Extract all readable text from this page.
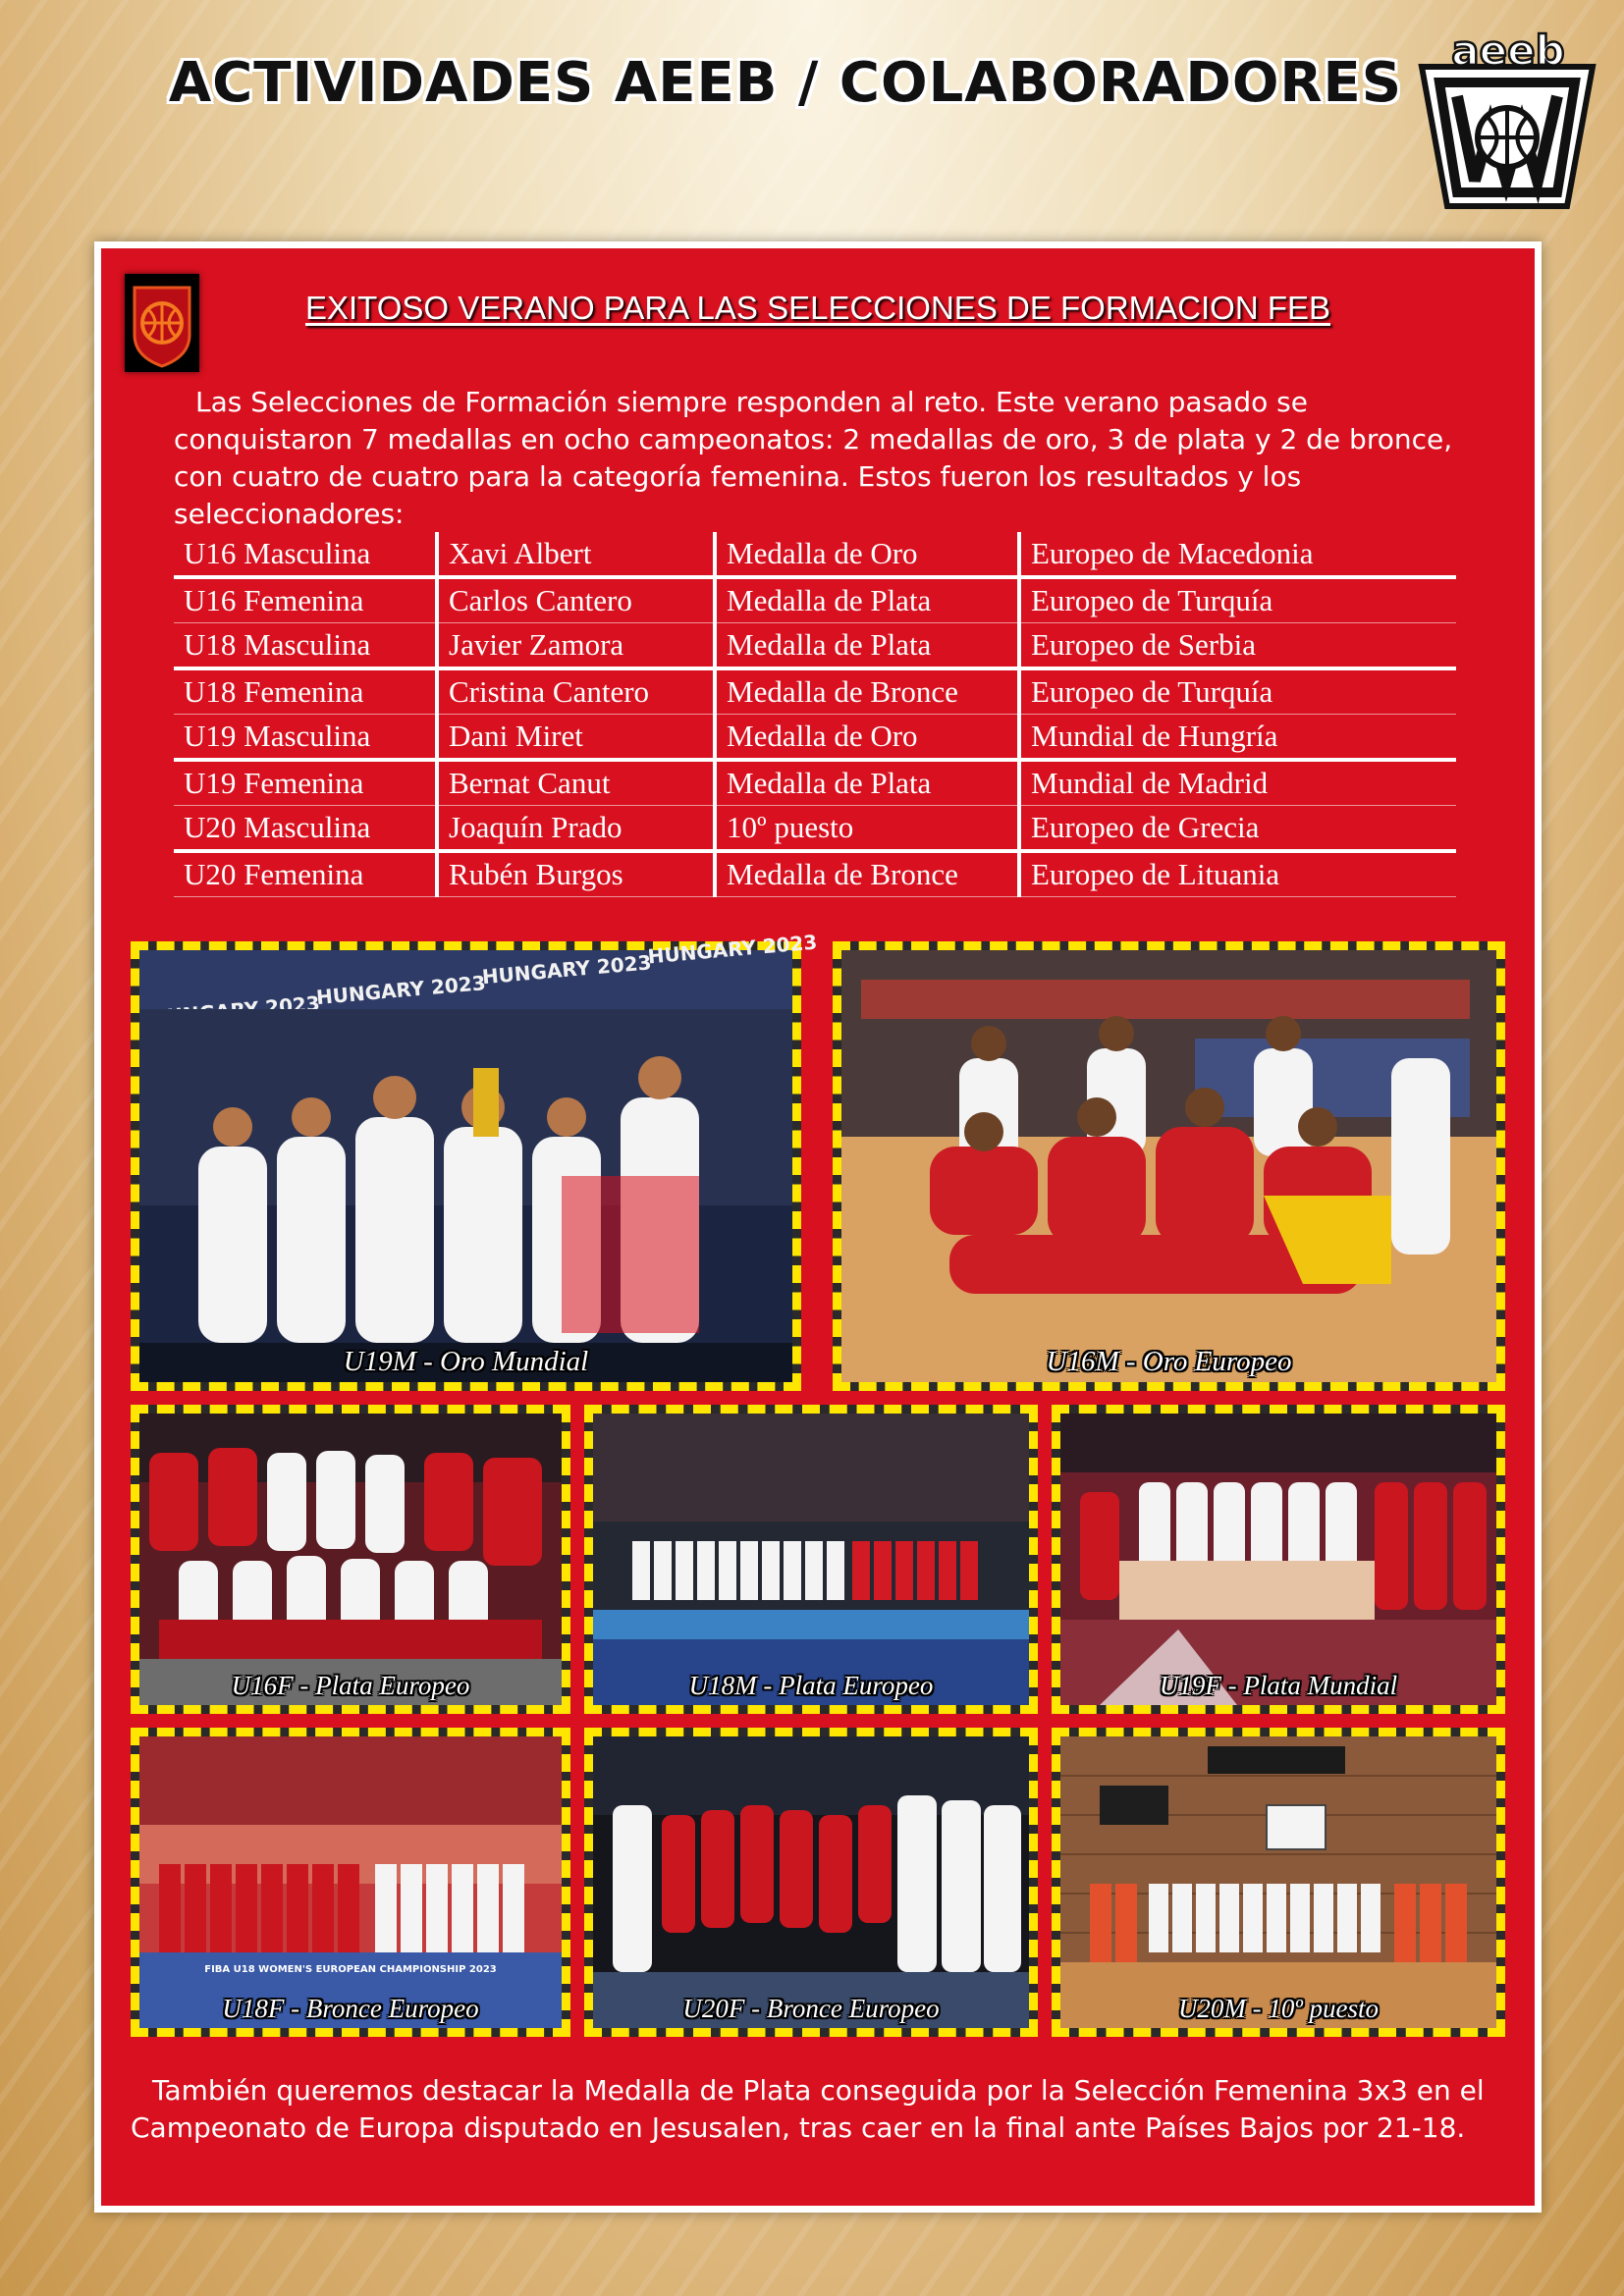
ACTIVIDADES AEEB / COLABORADORES
aeeb
EXITOSO VERANO PARA LAS SELECCIONES DE FORMACION FEB

Las Selecciones de Formación siempre responden al reto. Este verano pasado se conquistaron 7 medallas en ocho campeonatos: 2 medallas de oro, 3 de plata y 2 de bronce, con cuatro de cuatro para la categoría femenina. Estos fueron los resultados y los seleccionadores:

U16 Masculina	Xavi Albert	Medalla de Oro	Europeo de Macedonia
U16 Femenina	Carlos Cantero	Medalla de Plata	Europeo de Turquía
U18 Masculina	Javier Zamora	Medalla de Plata	Europeo de Serbia
U18 Femenina	Cristina Cantero	Medalla de Bronce	Europeo de Turquía
U19 Masculina	Dani Miret	Medalla de Oro	Mundial de Hungría
U19 Femenina	Bernat Canut	Medalla de Plata	Mundial de Madrid
U20 Masculina	Joaquín Prado	10º puesto	Europeo de Grecia
U20 Femenina	Rubén Burgos	Medalla de Bronce	Europeo de Lituania
HUNGARY 2023
HUNGARY 2023
HUNGARY 2023
U19M - Oro Mundial	U16M - Oro Europeo
U16F - Plata Europeo	U18M - Plata Europeo	U19F - Plata Mundial
FIBA U18 WOMEN'S EUROPEAN CHAMPIONSHIP 2023
U18F - Bronce Europeo	U20F - Bronce Europeo	U20M - 10º puesto

También queremos destacar la Medalla de Plata conseguida por la Selección Femenina 3x3 en el Campeonato de Europa disputado en Jesusalen, tras caer en la final ante Países Bajos por 21-18.
